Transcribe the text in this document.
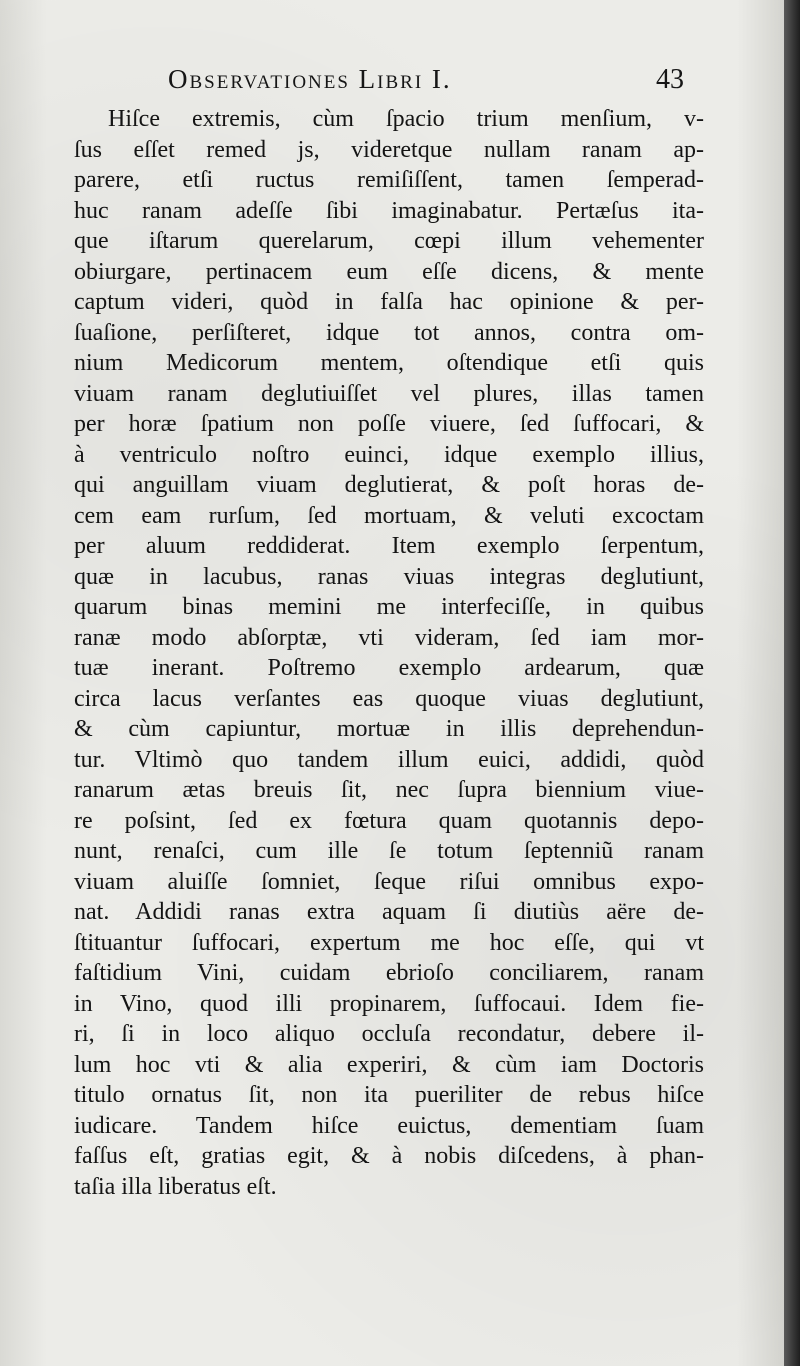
Observationes Libri I.	43
Hiſce extremis, cùm ſpacio trium menſium, v-
ſus eſſet remed js, videretque nullam ranam ap-
parere, etſi ructus remiſiſſent, tamen ſemperad-
huc ranam adeſſe ſibi imaginabatur. Pertæſus ita-
que iſtarum querelarum, cœpi illum vehementer
obiurgare, pertinacem eum eſſe dicens, & mente
captum videri, quòd in falſa hac opinione & per-
ſuaſione, perſiſteret, idque tot annos, contra om-
nium Medicorum mentem, oſtendique etſi quis
viuam ranam deglutiuiſſet vel plures, illas tamen
per horæ ſpatium non poſſe viuere, ſed ſuffocari, &
à ventriculo noſtro euinci, idque exemplo illius,
qui anguillam viuam deglutierat, & poſt horas de-
cem eam rurſum, ſed mortuam, & veluti excoctam
per aluum reddiderat. Item exemplo ſerpentum,
quæ in lacubus, ranas viuas integras deglutiunt,
quarum binas memini me interfeciſſe, in quibus
ranæ modo abſorptæ, vti videram, ſed iam mor-
tuæ inerant. Poſtremo exemplo ardearum, quæ
circa lacus verſantes eas quoque viuas deglutiunt,
& cùm capiuntur, mortuæ in illis deprehendun-
tur. Vltimò quo tandem illum euici, addidi, quòd
ranarum ætas breuis ſit, nec ſupra biennium viue-
re poſsint, ſed ex fœtura quam quotannis depo-
nunt, renaſci, cum ille ſe totum ſeptenniũ ranam
viuam aluiſſe ſomniet, ſeque riſui omnibus expo-
nat. Addidi ranas extra aquam ſi diutiùs aëre de-
ſtituantur ſuffocari, expertum me hoc eſſe, qui vt
faſtidium Vini, cuidam ebrioſo conciliarem, ranam
in Vino, quod illi propinarem, ſuffocaui. Idem fie-
ri, ſi in loco aliquo occluſa recondatur, debere il-
lum hoc vti & alia experiri, & cùm iam Doctoris
titulo ornatus ſit, non ita pueriliter de rebus hiſce
iudicare. Tandem hiſce euictus, dementiam ſuam
faſſus eſt, gratias egit, & à nobis diſcedens, à phan-
taſia illa liberatus eſt.
